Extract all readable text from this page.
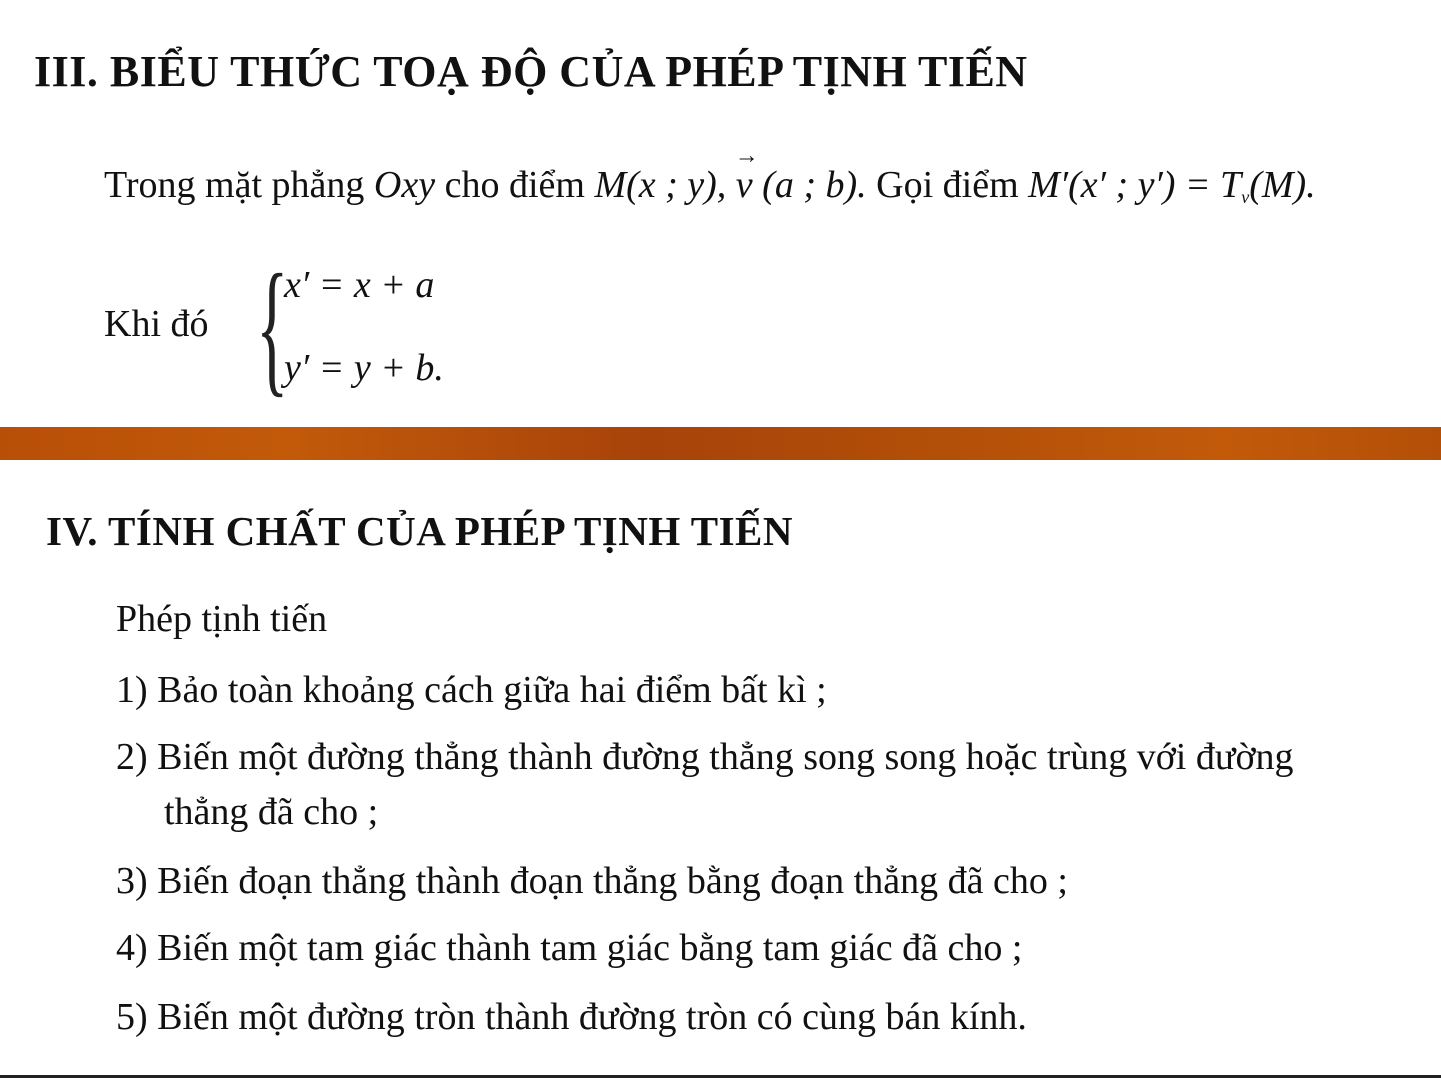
III. BIỂU THỨC TOẠ ĐỘ CỦA PHÉP TỊNH TIẾN
Trong mặt phẳng Oxy cho điểm M(x ; y), → v (a ; b). Gọi điểm M′(x′ ; $y') = T_v(M)$.
Khi đó {
x′ = x + a
y′ = y + b.
IV. TÍNH CHẤT CỦA PHÉP TỊNH TIẾN
Phép tịnh tiến
1) Bảo toàn khoảng cách giữa hai điểm bất kì ;
2) Biến một đường thẳng thành đường thẳng song song hoặc trùng với đường
thẳng đã cho ;
3) Biến đoạn thẳng thành đoạn thẳng bằng đoạn thẳng đã cho ;
4) Biến một tam giác thành tam giác bằng tam giác đã cho ;
5) Biến một đường tròn thành đường tròn có cùng bán kính.
